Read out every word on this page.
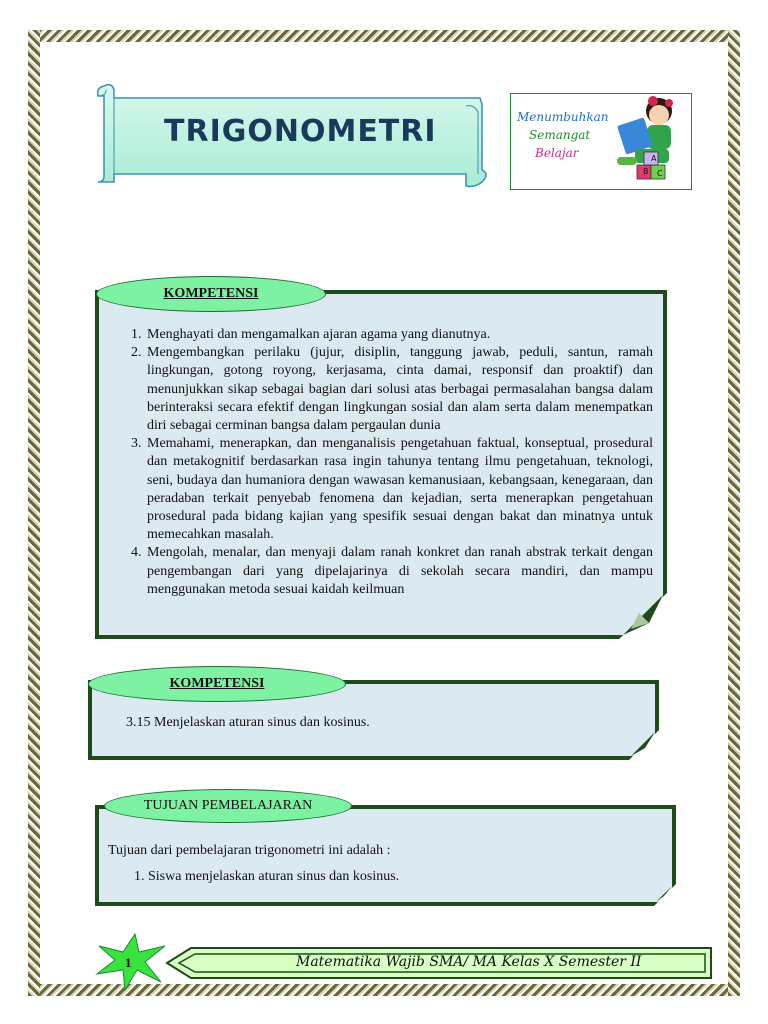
TRIGONOMETRI	Menumbuhkan
Semangat
Belajar
B C
A
KOMPETENSI
1. Menghayati dan mengamalkan ajaran agama yang dianutnya.
2. Mengembangkan perilaku (jujur, disiplin, tanggung jawab, peduli, santun, ramah lingkungan, gotong royong, kerjasama, cinta damai, responsif dan proaktif) dan menunjukkan sikap sebagai bagian dari solusi atas berbagai permasalahan bangsa dalam berinteraksi secara efektif dengan lingkungan sosial dan alam serta dalam menempatkan diri sebagai cerminan bangsa dalam pergaulan dunia
3. Memahami, menerapkan, dan menganalisis pengetahuan faktual, konseptual, prosedural dan metakognitif berdasarkan rasa ingin tahunya tentang ilmu pengetahuan, teknologi, seni, budaya dan humaniora dengan wawasan kemanusiaan, kebangsaan, kenegaraan, dan peradaban terkait penyebab fenomena dan kejadian, serta menerapkan pengetahuan prosedural pada bidang kajian yang spesifik sesuai dengan bakat dan minatnya untuk memecahkan masalah.
4. Mengolah, menalar, dan menyaji dalam ranah konkret dan ranah abstrak terkait dengan pengembangan dari yang dipelajarinya di sekolah secara mandiri, dan mampu menggunakan metoda sesuai kaidah keilmuan
KOMPETENSI
3.15 Menjelaskan aturan sinus dan kosinus.
TUJUAN PEMBELAJARAN
Tujuan dari pembelajaran trigonometri ini adalah :
1. Siswa menjelaskan aturan sinus dan kosinus.
Matematika Wajib SMA/ MA Kelas X Semester II
1
